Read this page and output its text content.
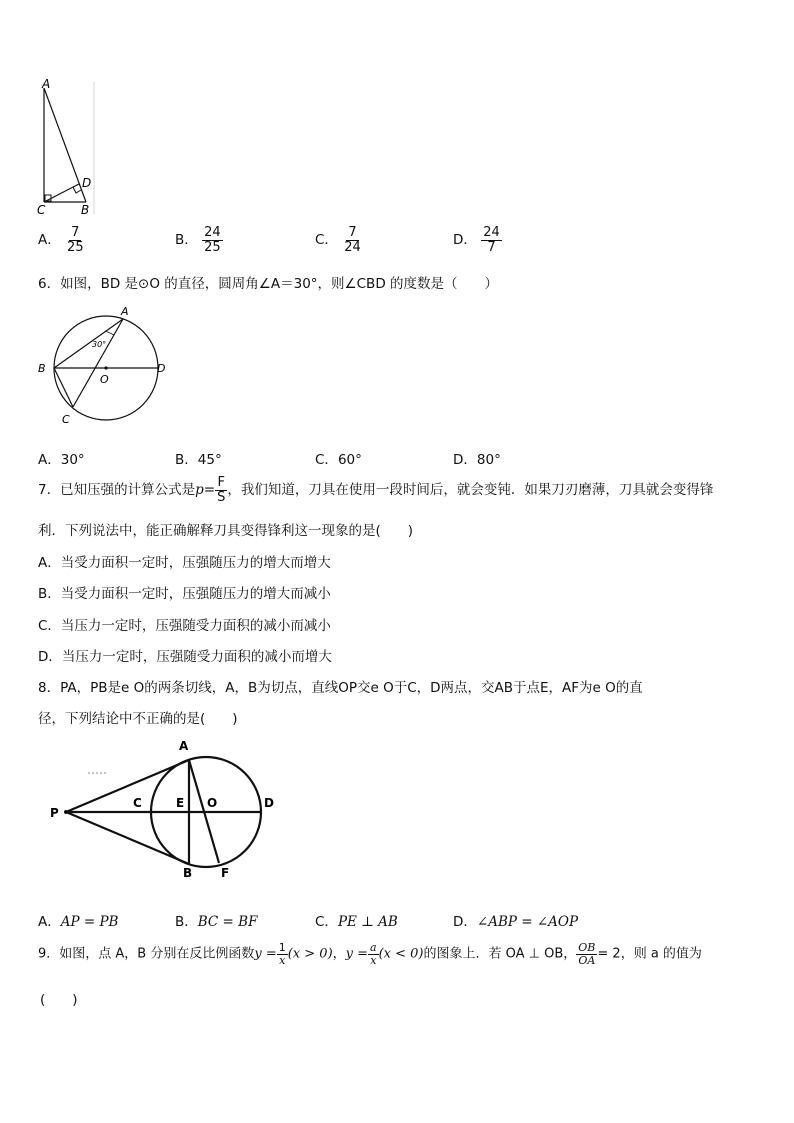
A
C	B
D
A． $\frac{7}{25}$	B． $\frac{24}{25}$	C． $\frac{7}{24}$	D． $\frac{24}{7}$
6．如图，BD 是⊙O 的直径，圆周角∠A＝30°，则∠CBD 的度数是（　　）
A
B	D
O
C
30°
A．30°	B．45°	C．60°	D．80°
7．已知压强的计算公式是$p= \frac{F}{S}$ ，我们知道，刀具在使用一段时间后，就会变钝．如果刀刃磨薄，刀具就会变得锋
利．下列说法中，能正确解释刀具变得锋利这一现象的是(　　)
A．当受力面积一定时，压强随压力的增大而增大
B．当受力面积一定时，压强随压力的增大而减小
C．当压力一定时，压强随受力面积的减小而减小
D．当压力一定时，压强随受力面积的减小而增大
8．PA，PB是e O的两条切线，A，B为切点，直线OP交e O于C，D两点，交AB于点E，AF为e O的直
径，下列结论中不正确的是(　　)
A
P
C	E O	D
B F
A．AP = PB	B．BC = BF	C．PE ⊥ AB	D．∠ABP = ∠AOP
9．如图，点 A，B 分别在反比例函数$y = \frac{1}{x} (x > 0)$，$y = \frac{a}{x} (x < 0)$的图象上．若 OA ⊥ OB， $\frac{OB}{OA} = 2$，则 a 的值为
(　　)
